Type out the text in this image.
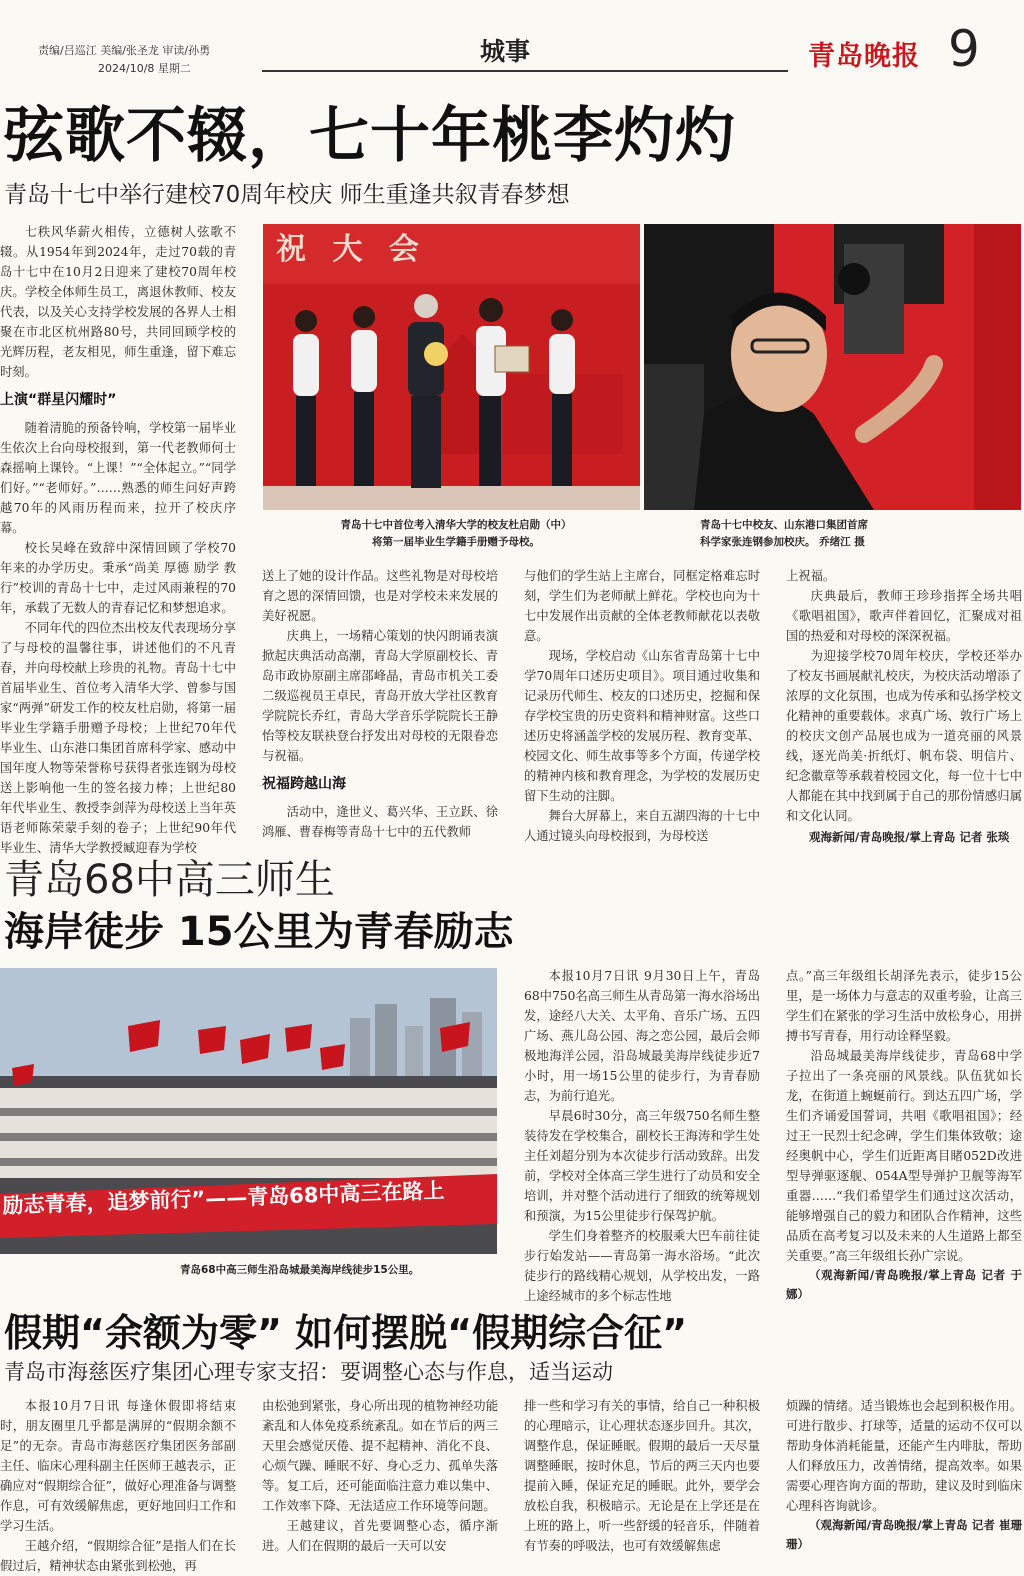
责编/吕巡江 美编/张圣龙 审读/孙勇
2024/10/8 星期二
城事	青岛晚报 9
弦歌不辍，七十年桃李灼灼
青岛十七中举行建校70周年校庆 师生重逢共叙青春梦想
祝 大 会
青岛十七中首位考入清华大学的校友杜启勋（中）
将第一届毕业生学籍手册赠予母校。
青岛十七中校友、山东港口集团首席
科学家张连钢参加校庆。 乔绪江 摄

七秩风华薪火相传，立德树人弦歌不辍。从1954年到2024年，走过70载的青岛十七中在10月2日迎来了建校70周年校庆。学校全体师生员工，离退休教师、校友代表，以及关心支持学校发展的各界人士相聚在市北区杭州路80号，共同回顾学校的光辉历程，老友相见，师生重逢，留下难忘时刻。

上演“群星闪耀时”

随着清脆的预备铃响，学校第一届毕业生依次上台向母校报到，第一代老教师何士森摇响上课铃。“上课！”“全体起立。”“同学们好。”“老师好。”……熟悉的师生问好声跨越70年的风雨历程而来，拉开了校庆序幕。

校长吴峰在致辞中深情回顾了学校70年来的办学历史。秉承“尚美 厚德 励学 教行”校训的青岛十七中，走过风雨兼程的70年，承载了无数人的青春记忆和梦想追求。

不同年代的四位杰出校友代表现场分享了与母校的温馨往事，讲述他们的不凡青春，并向母校献上珍贵的礼物。青岛十七中首届毕业生、首位考入清华大学、曾参与国家“两弹”研发工作的校友杜启勋，将第一届毕业生学籍手册赠予母校；上世纪70年代毕业生、山东港口集团首席科学家、感动中国年度人物等荣誉称号获得者张连钢为母校送上影响他一生的签名接力棒；上世纪80年代毕业生、教授李剑萍为母校送上当年英语老师陈荣蒙手刻的卷子；上世纪90年代毕业生、清华大学教授臧迎春为学校

送上了她的设计作品。这些礼物是对母校培育之恩的深情回馈，也是对学校未来发展的美好祝愿。

庆典上，一场精心策划的快闪朗诵表演掀起庆典活动高潮，青岛大学原副校长、青岛市政协原副主席邵峰晶，青岛市机关工委二级巡视员王卓民，青岛开放大学社区教育学院院长乔红，青岛大学音乐学院院长王静怡等校友联袂登台抒发出对母校的无限眷恋与祝福。

祝福跨越山海

活动中，逄世义、葛兴华、王立跃、徐鸿雁、曹春梅等青岛十七中的五代教师

与他们的学生站上主席台，同框定格难忘时刻，学生们为老师献上鲜花。学校也向为十七中发展作出贡献的全体老教师献花以表敬意。

现场，学校启动《山东省青岛第十七中学70周年口述历史项目》。项目通过收集和记录历代师生、校友的口述历史，挖掘和保存学校宝贵的历史资料和精神财富。这些口述历史将涵盖学校的发展历程、教育变革、校园文化、师生故事等多个方面，传递学校的精神内核和教育理念，为学校的发展历史留下生动的注脚。

舞台大屏幕上，来自五湖四海的十七中人通过镜头向母校报到，为母校送

上祝福。

庆典最后，教师王珍珍指挥全场共唱《歌唱祖国》，歌声伴着回忆，汇聚成对祖国的热爱和对母校的深深祝福。

为迎接学校70周年校庆，学校还举办了校友书画展献礼校庆，为校庆活动增添了浓厚的文化氛围，也成为传承和弘扬学校文化精神的重要载体。求真广场、敦行广场上的校庆文创产品展也成为一道亮丽的风景线，逐光尚美·折纸灯、帆布袋、明信片、纪念徽章等承载着校园文化，每一位十七中人都能在其中找到属于自己的那份情感归属和文化认同。

观海新闻/青岛晚报/掌上青岛 记者 张琰
青岛68中高三师生
海岸徒步 15公里为青春励志
励志青春，追梦前行”——青岛68中高三在路上
青岛68中高三师生沿岛城最美海岸线徒步15公里。

本报10月7日讯 9月30日上午，青岛68中750名高三师生从青岛第一海水浴场出发，途经八大关、太平角、音乐广场、五四广场、燕儿岛公园、海之恋公园，最后会师极地海洋公园，沿岛城最美海岸线徒步近7小时，用一场15公里的徒步行，为青春励志，为前行追光。

早晨6时30分，高三年级750名师生整装待发在学校集合，副校长王海涛和学生处主任刘超分别为本次徒步行活动致辞。出发前，学校对全体高三学生进行了动员和安全培训，并对整个活动进行了细致的统筹规划和预演，为15公里徒步行保驾护航。

学生们身着整齐的校服乘大巴车前往徒步行始发站——青岛第一海水浴场。“此次徒步行的路线精心规划，从学校出发，一路上途经城市的多个标志性地

点。”高三年级组长胡泽先表示，徒步15公里，是一场体力与意志的双重考验，让高三学生们在紧张的学习生活中放松身心，用拼搏书写青春，用行动诠释坚毅。

沿岛城最美海岸线徒步，青岛68中学子拉出了一条亮丽的风景线。队伍犹如长龙，在街道上蜿蜒前行。到达五四广场，学生们齐诵爱国誓词，共唱《歌唱祖国》；经过王一民烈士纪念碑，学生们集体致敬；途经奥帆中心，学生们近距离目睹052D改进型导弹驱逐舰、054A型导弹护卫舰等海军重器……“我们希望学生们通过这次活动，能够增强自己的毅力和团队合作精神，这些品质在高考复习以及未来的人生道路上都至关重要。”高三年级组长孙广宗说。

（观海新闻/青岛晚报/掌上青岛 记者 于娜）
假期“余额为零” 如何摆脱“假期综合征”
青岛市海慈医疗集团心理专家支招：要调整心态与作息，适当运动

本报10月7日讯 每逢休假即将结束时，朋友圈里几乎都是满屏的“假期余额不足”的无奈。青岛市海慈医疗集团医务部副主任、临床心理科副主任医师王越表示，正确应对“假期综合征”，做好心理准备与调整作息，可有效缓解焦虑，更好地回归工作和学习生活。

王越介绍，“假期综合征”是指人们在长假过后，精神状态由紧张到松弛，再

由松弛到紧张，身心所出现的植物神经功能紊乱和人体免疫系统紊乱。如在节后的两三天里会感觉厌倦、提不起精神、消化不良、心烦气躁、睡眠不好、身心乏力、孤单失落等。复工后，还可能面临注意力难以集中、工作效率下降、无法适应工作环境等问题。

王越建议，首先要调整心态，循序渐进。人们在假期的最后一天可以安

排一些和学习有关的事情，给自己一种积极的心理暗示，让心理状态逐步回升。其次，调整作息，保证睡眠。假期的最后一天尽量调整睡眠，按时休息，节后的两三天内也要提前入睡，保证充足的睡眠。此外，要学会放松自我，积极暗示。无论是在上学还是在上班的路上，听一些舒缓的轻音乐，伴随着有节奏的呼吸法，也可有效缓解焦虑

烦躁的情绪。适当锻炼也会起到积极作用。可进行散步、打球等，适量的运动不仅可以帮助身体消耗能量，还能产生内啡肽，帮助人们释放压力，改善情绪，提高效率。如果需要心理咨询方面的帮助，建议及时到临床心理科咨询就诊。

（观海新闻/青岛晚报/掌上青岛 记者 崔珊珊）
